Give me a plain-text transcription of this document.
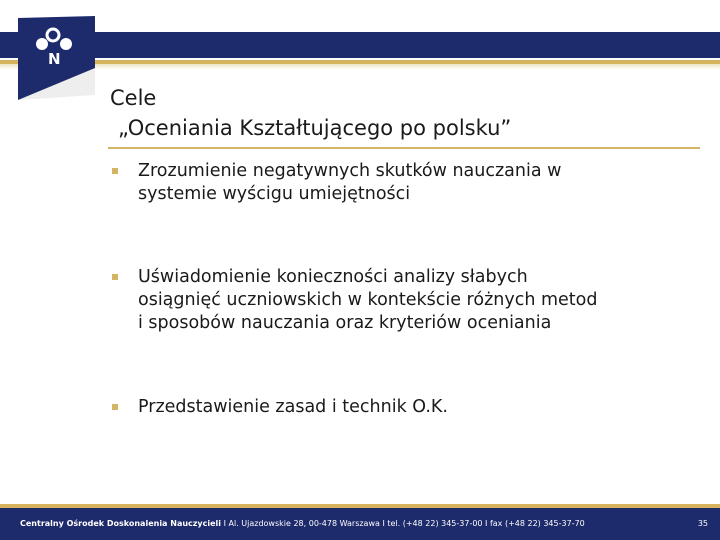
N
Cele
„Oceniania Kształtującego po polsku”
Zrozumienie negatywnych skutków nauczania w
systemie wyścigu umiejętności
Uświadomienie konieczności analizy słabych
osiągnięć uczniowskich w kontekście różnych metod
i sposobów nauczania oraz kryteriów oceniania
Przedstawienie zasad i technik O.K.
Centralny Ośrodek Doskonalenia Nauczycieli I Al. Ujazdowskie 28, 00-478 Warszawa I tel. (+48 22) 345-37-00 I fax (+48 22) 345-37-70	35
